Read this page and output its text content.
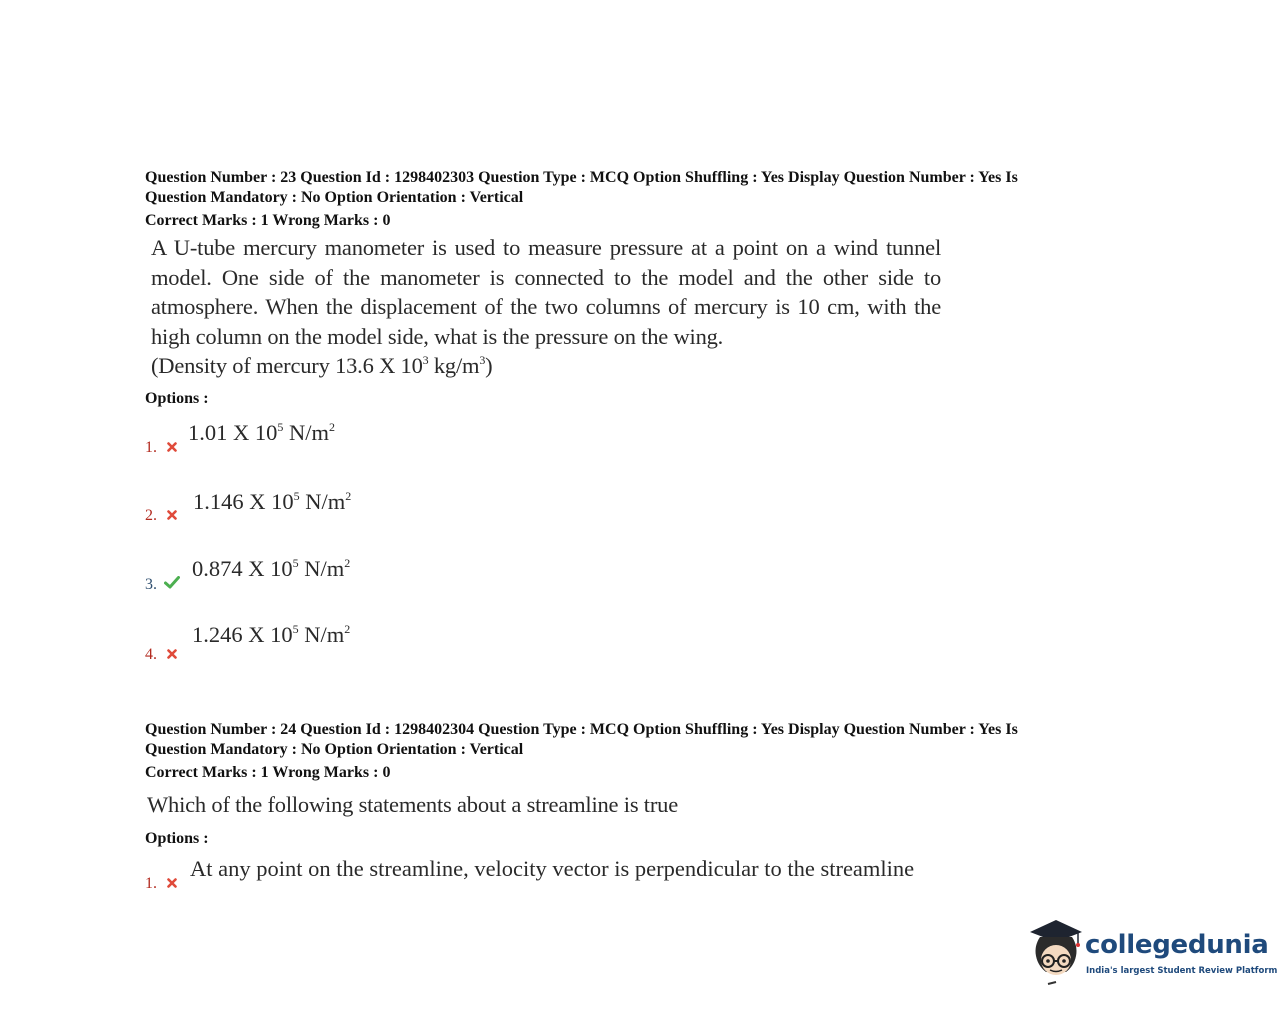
Question Number : 23 Question Id : 1298402303 Question Type : MCQ Option Shuffling : Yes Display Question Number : Yes Is
Question Mandatory : No Option Orientation : Vertical
Correct Marks : 1 Wrong Marks : 0
A U-tube mercury manometer is used to measure pressure at a point on a wind tunnel model. One side of the manometer is connected to the model and the other side to atmosphere. When the displacement of the two columns of mercury is 10 cm, with the high column on the model side, what is the pressure on the wing.
(Density of mercury 13.6 X $10^3$ $kg/m^3$)
Options :
1.
1.01 X $10^5$ $N/m^2$
2.
1.146 X $10^5$ $N/m^2$
3.
0.874 X $10^5$ $N/m^2$
4.
1.246 X $10^5$ $N/m^2$
Question Number : 24 Question Id : 1298402304 Question Type : MCQ Option Shuffling : Yes Display Question Number : Yes Is
Question Mandatory : No Option Orientation : Vertical
Correct Marks : 1 Wrong Marks : 0
Which of the following statements about a streamline is true
Options :
1.
At any point on the streamline, velocity vector is perpendicular to the streamline
collegedunia
India's largest Student Review Platform
